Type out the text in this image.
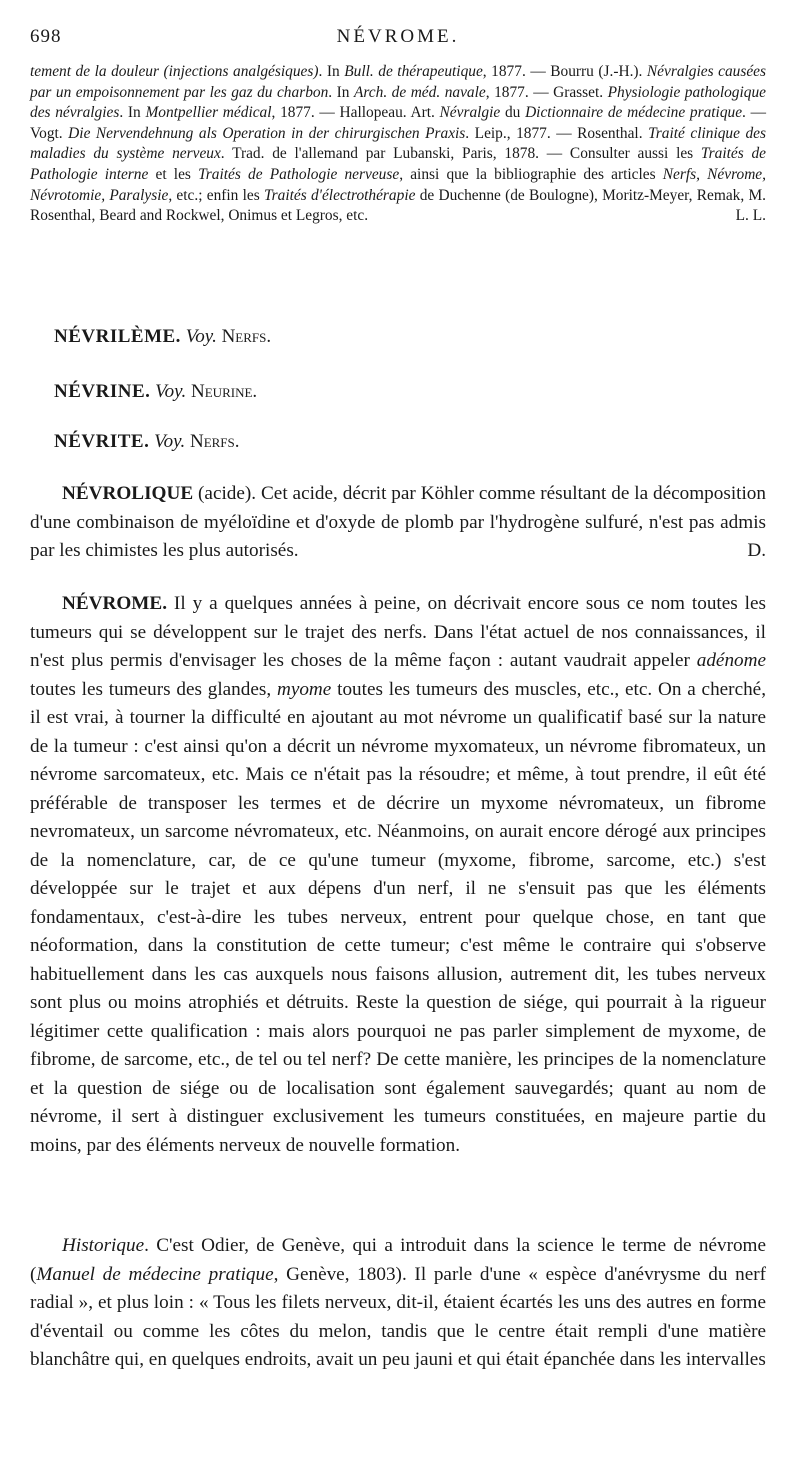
698	NÉVROME.
tement de la douleur (injections analgésiques). In Bull. de thérapeutique, 1877. — Bourru (J.-H.). Névralgies causées par un empoisonnement par les gaz du charbon. In Arch. de méd. navale, 1877. — Grasset. Physiologie pathologique des névralgies. In Montpellier médical, 1877. — Hallopeau. Art. Névralgie du Dictionnaire de médecine pratique. — Vogt. Die Nervendehnung als Operation in der chirurgischen Praxis. Leip., 1877. — Rosenthal. Traité clinique des maladies du système nerveux. Trad. de l'allemand par Lubanski, Paris, 1878. — Consulter aussi les Traités de Pathologie interne et les Traités de Pathologie nerveuse, ainsi que la bibliographie des articles Nerfs, Névrome, Névrotomie, Paralysie, etc.; enfin les Traités d'électrothérapie de Duchenne (de Boulogne), Moritz-Meyer, Remak, M. Rosenthal, Beard and Rockwel, Onimus et Legros, etc.	L. L.
NÉVRILÈME. Voy. Nerfs.
NÉVRINE. Voy. Neurine.
NÉVRITE. Voy. Nerfs.

NÉVROLIQUE (acide). Cet acide, décrit par Köhler comme résultant de la décomposition d'une combinaison de myéloïdine et d'oxyde de plomb par l'hydrogène sulfuré, n'est pas admis par les chimistes les plus autorisés.	D.

NÉVROME. Il y a quelques années à peine, on décrivait encore sous ce nom toutes les tumeurs qui se développent sur le trajet des nerfs. Dans l'état actuel de nos connaissances, il n'est plus permis d'envisager les choses de la même façon : autant vaudrait appeler adénome toutes les tumeurs des glandes, myome toutes les tumeurs des muscles, etc., etc. On a cherché, il est vrai, à tourner la difficulté en ajoutant au mot névrome un qualificatif basé sur la nature de la tumeur : c'est ainsi qu'on a décrit un névrome myxomateux, un névrome fibromateux, un névrome sarcomateux, etc. Mais ce n'était pas la résoudre; et même, à tout prendre, il eût été préférable de transposer les termes et de décrire un myxome névromateux, un fibrome nevromateux, un sarcome névromateux, etc. Néanmoins, on aurait encore dérogé aux principes de la nomenclature, car, de ce qu'une tumeur (myxome, fibrome, sarcome, etc.) s'est développée sur le trajet et aux dépens d'un nerf, il ne s'ensuit pas que les éléments fondamentaux, c'est-à-dire les tubes nerveux, entrent pour quelque chose, en tant que néoformation, dans la constitution de cette tumeur; c'est même le contraire qui s'observe habituellement dans les cas auxquels nous faisons allusion, autrement dit, les tubes nerveux sont plus ou moins atrophiés et détruits. Reste la question de siége, qui pourrait à la rigueur légitimer cette qualification : mais alors pourquoi ne pas parler simplement de myxome, de fibrome, de sarcome, etc., de tel ou tel nerf? De cette manière, les principes de la nomenclature et la question de siége ou de localisation sont également sauvegardés; quant au nom de névrome, il sert à distinguer exclusivement les tumeurs constituées, en majeure partie du moins, par des éléments nerveux de nouvelle formation.

Historique. C'est Odier, de Genève, qui a introduit dans la science le terme de névrome (Manuel de médecine pratique, Genève, 1803). Il parle d'une « espèce d'anévrysme du nerf radial », et plus loin : « Tous les filets nerveux, dit-il, étaient écartés les uns des autres en forme d'éventail ou comme les côtes du melon, tandis que le centre était rempli d'une matière blanchâtre qui, en quelques endroits, avait un peu jauni et qui était épanchée dans les intervalles
